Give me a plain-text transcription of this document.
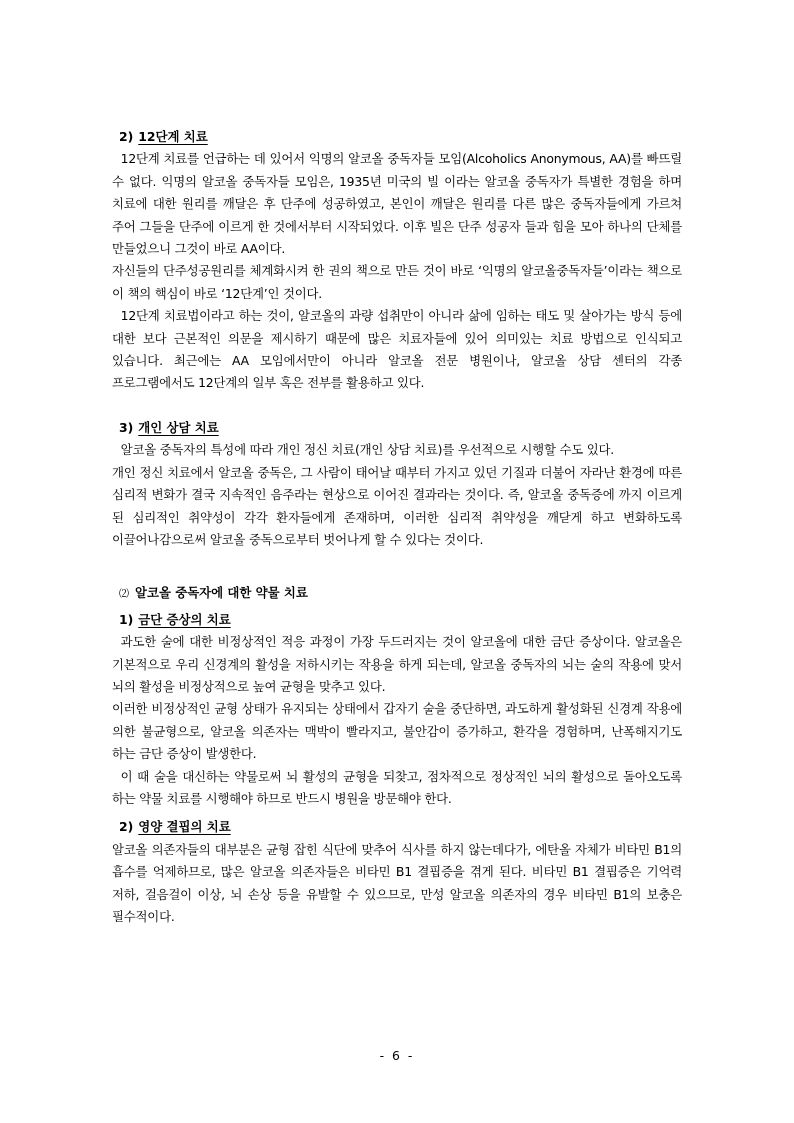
2) 12단계 치료

12단계 치료를 언급하는 데 있어서 익명의 알코올 중독자들 모임(Alcoholics Anonymous, AA)를 빠뜨릴 수 없다. 익명의 알코올 중독자들 모임은, 1935년 미국의 빌 이라는 알코올 중독자가 특별한 경험을 하며 치료에 대한 원리를 깨달은 후 단주에 성공하였고, 본인이 깨달은 원리를 다른 많은 중독자들에게 가르쳐 주어 그들을 단주에 이르게 한 것에서부터 시작되었다. 이후 빌은 단주 성공자 들과 힘을 모아 하나의 단체를 만들었으니 그것이 바로 AA이다.

자신들의 단주성공원리를 체계화시켜 한 권의 책으로 만든 것이 바로 ‘익명의 알코올중독자들’이라는 책으로 이 책의 핵심이 바로 ‘12단계’인 것이다.

12단계 치료법이라고 하는 것이, 알코올의 과량 섭취만이 아니라 삶에 임하는 태도 및 살아가는 방식 등에 대한 보다 근본적인 의문을 제시하기 때문에 많은 치료자들에 있어 의미있는 치료 방법으로 인식되고 있습니다. 최근에는 AA 모임에서만이 아니라 알코올 전문 병원이나, 알코올 상담 센터의 각종 프로그램에서도 12단계의 일부 혹은 전부를 활용하고 있다.

3) 개인 상담 치료

알코올 중독자의 특성에 따라 개인 정신 치료(개인 상담 치료)를 우선적으로 시행할 수도 있다.

개인 정신 치료에서 알코올 중독은, 그 사람이 태어날 때부터 가지고 있던 기질과 더불어 자라난 환경에 따른 심리적 변화가 결국 지속적인 음주라는 현상으로 이어진 결과라는 것이다. 즉, 알코올 중독증에 까지 이르게 된 심리적인 취약성이 각각 환자들에게 존재하며, 이러한 심리적 취약성을 깨닫게 하고 변화하도록 이끌어나감으로써 알코올 중독으로부터 벗어나게 할 수 있다는 것이다.

⑵ 알코올 중독자에 대한 약물 치료
1) 금단 증상의 치료

과도한 술에 대한 비정상적인 적응 과정이 가장 두드러지는 것이 알코올에 대한 금단 증상이다. 알코올은 기본적으로 우리 신경계의 활성을 저하시키는 작용을 하게 되는데, 알코올 중독자의 뇌는 술의 작용에 맞서 뇌의 활성을 비정상적으로 높여 균형을 맞추고 있다.

이러한 비정상적인 균형 상태가 유지되는 상태에서 갑자기 술을 중단하면, 과도하게 활성화된 신경계 작용에 의한 불균형으로, 알코올 의존자는 맥박이 빨라지고, 불안감이 증가하고, 환각을 경험하며, 난폭해지기도 하는 금단 증상이 발생한다.

이 때 술을 대신하는 약물로써 뇌 활성의 균형을 되찾고, 점차적으로 정상적인 뇌의 활성으로 돌아오도록 하는 약물 치료를 시행해야 하므로 반드시 병원을 방문해야 한다.

2) 영양 결핍의 치료

알코올 의존자들의 대부분은 균형 잡힌 식단에 맞추어 식사를 하지 않는데다가, 에탄올 자체가 비타민 B1의 흡수를 억제하므로, 많은 알코올 의존자들은 비타민 B1 결핍증을 겪게 된다. 비타민 B1 결핍증은 기억력 저하, 걸음걸이 이상, 뇌 손상 등을 유발할 수 있으므로, 만성 알코올 의존자의 경우 비타민 B1의 보충은 필수적이다.

- 6 -
